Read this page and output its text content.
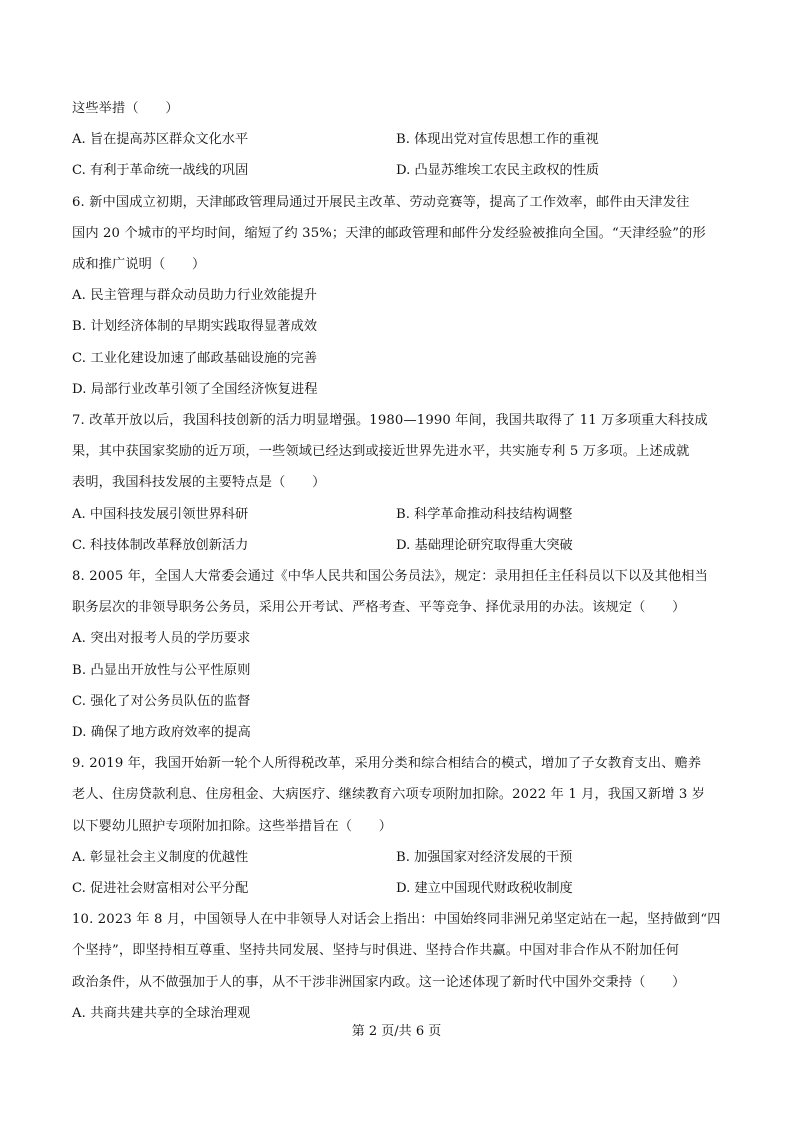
这些举措（　　）
A. 旨在提高苏区群众文化水平	B. 体现出党对宣传思想工作的重视
C. 有利于革命统一战线的巩固	D. 凸显苏维埃工农民主政权的性质
6. 新中国成立初期，天津邮政管理局通过开展民主改革、劳动竞赛等，提高了工作效率，邮件由天津发往
国内 20 个城市的平均时间，缩短了约 35%；天津的邮政管理和邮件分发经验被推向全国。“天津经验”的形
成和推广说明（　　）
A. 民主管理与群众动员助力行业效能提升
B. 计划经济体制的早期实践取得显著成效
C. 工业化建设加速了邮政基础设施的完善
D. 局部行业改革引领了全国经济恢复进程
7. 改革开放以后，我国科技创新的活力明显增强。1980—1990 年间，我国共取得了 11 万多项重大科技成
果，其中获国家奖励的近万项，一些领域已经达到或接近世界先进水平，共实施专利 5 万多项。上述成就
表明，我国科技发展的主要特点是（　　）
A. 中国科技发展引领世界科研	B. 科学革命推动科技结构调整
C. 科技体制改革释放创新活力	D. 基础理论研究取得重大突破
8. 2005 年，全国人大常委会通过《中华人民共和国公务员法》，规定：录用担任主任科员以下以及其他相当
职务层次的非领导职务公务员，采用公开考试、严格考查、平等竞争、择优录用的办法。该规定（　　）
A. 突出对报考人员的学历要求
B. 凸显出开放性与公平性原则
C. 强化了对公务员队伍的监督
D. 确保了地方政府效率的提高
9. 2019 年，我国开始新一轮个人所得税改革，采用分类和综合相结合的模式，增加了子女教育支出、赡养
老人、住房贷款利息、住房租金、大病医疗、继续教育六项专项附加扣除。2022 年 1 月，我国又新增 3 岁
以下婴幼儿照护专项附加扣除。这些举措旨在（　　）
A. 彰显社会主义制度的优越性	B. 加强国家对经济发展的干预
C. 促进社会财富相对公平分配	D. 建立中国现代财政税收制度
10. 2023 年 8 月，中国领导人在中非领导人对话会上指出：中国始终同非洲兄弟坚定站在一起，坚持做到“四
个坚持”，即坚持相互尊重、坚持共同发展、坚持与时俱进、坚持合作共赢。中国对非合作从不附加任何
政治条件，从不做强加于人的事，从不干涉非洲国家内政。这一论述体现了新时代中国外交秉持（　　）
A. 共商共建共享的全球治理观
第 2 页/共 6 页
